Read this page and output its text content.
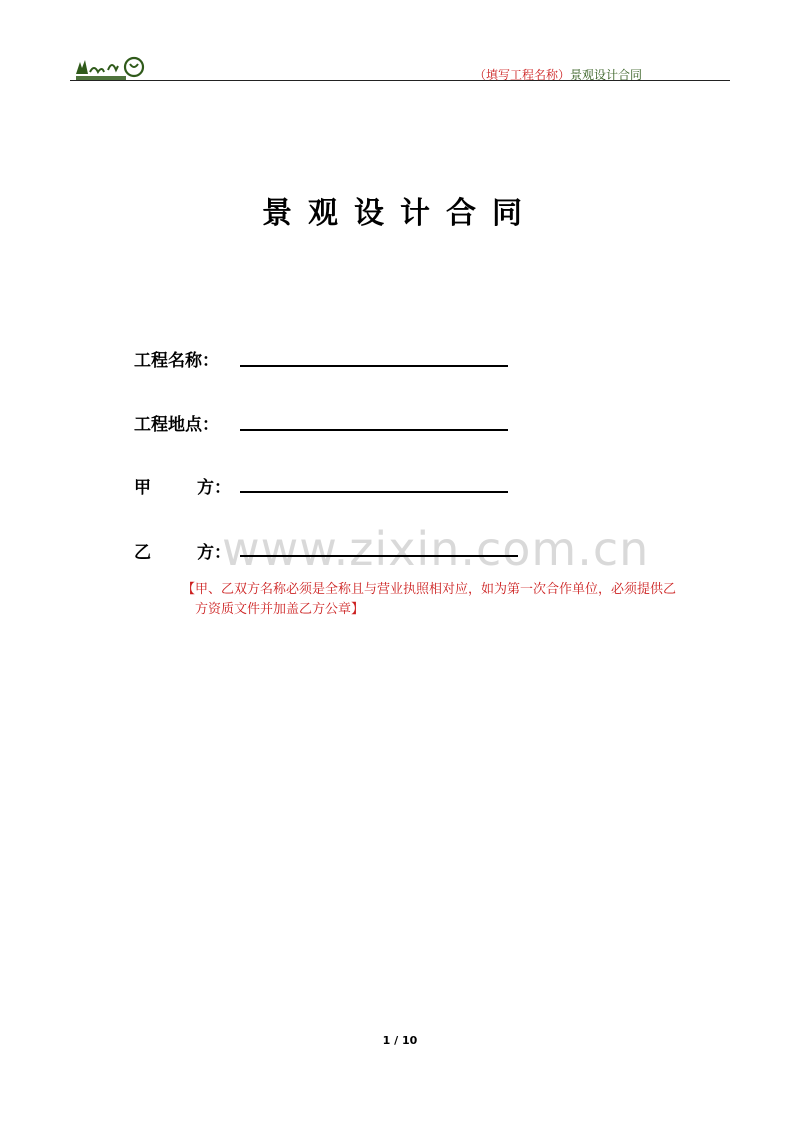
（填写工程名称）景观设计合同
景观设计合同
工程名称：
工程地点：
甲	方：
www.zixin.com.cn
乙	方：
【甲、乙双方名称必须是全称且与营业执照相对应，如为第一次合作单位，必须提供乙
方资质文件并加盖乙方公章】
1 / 10
